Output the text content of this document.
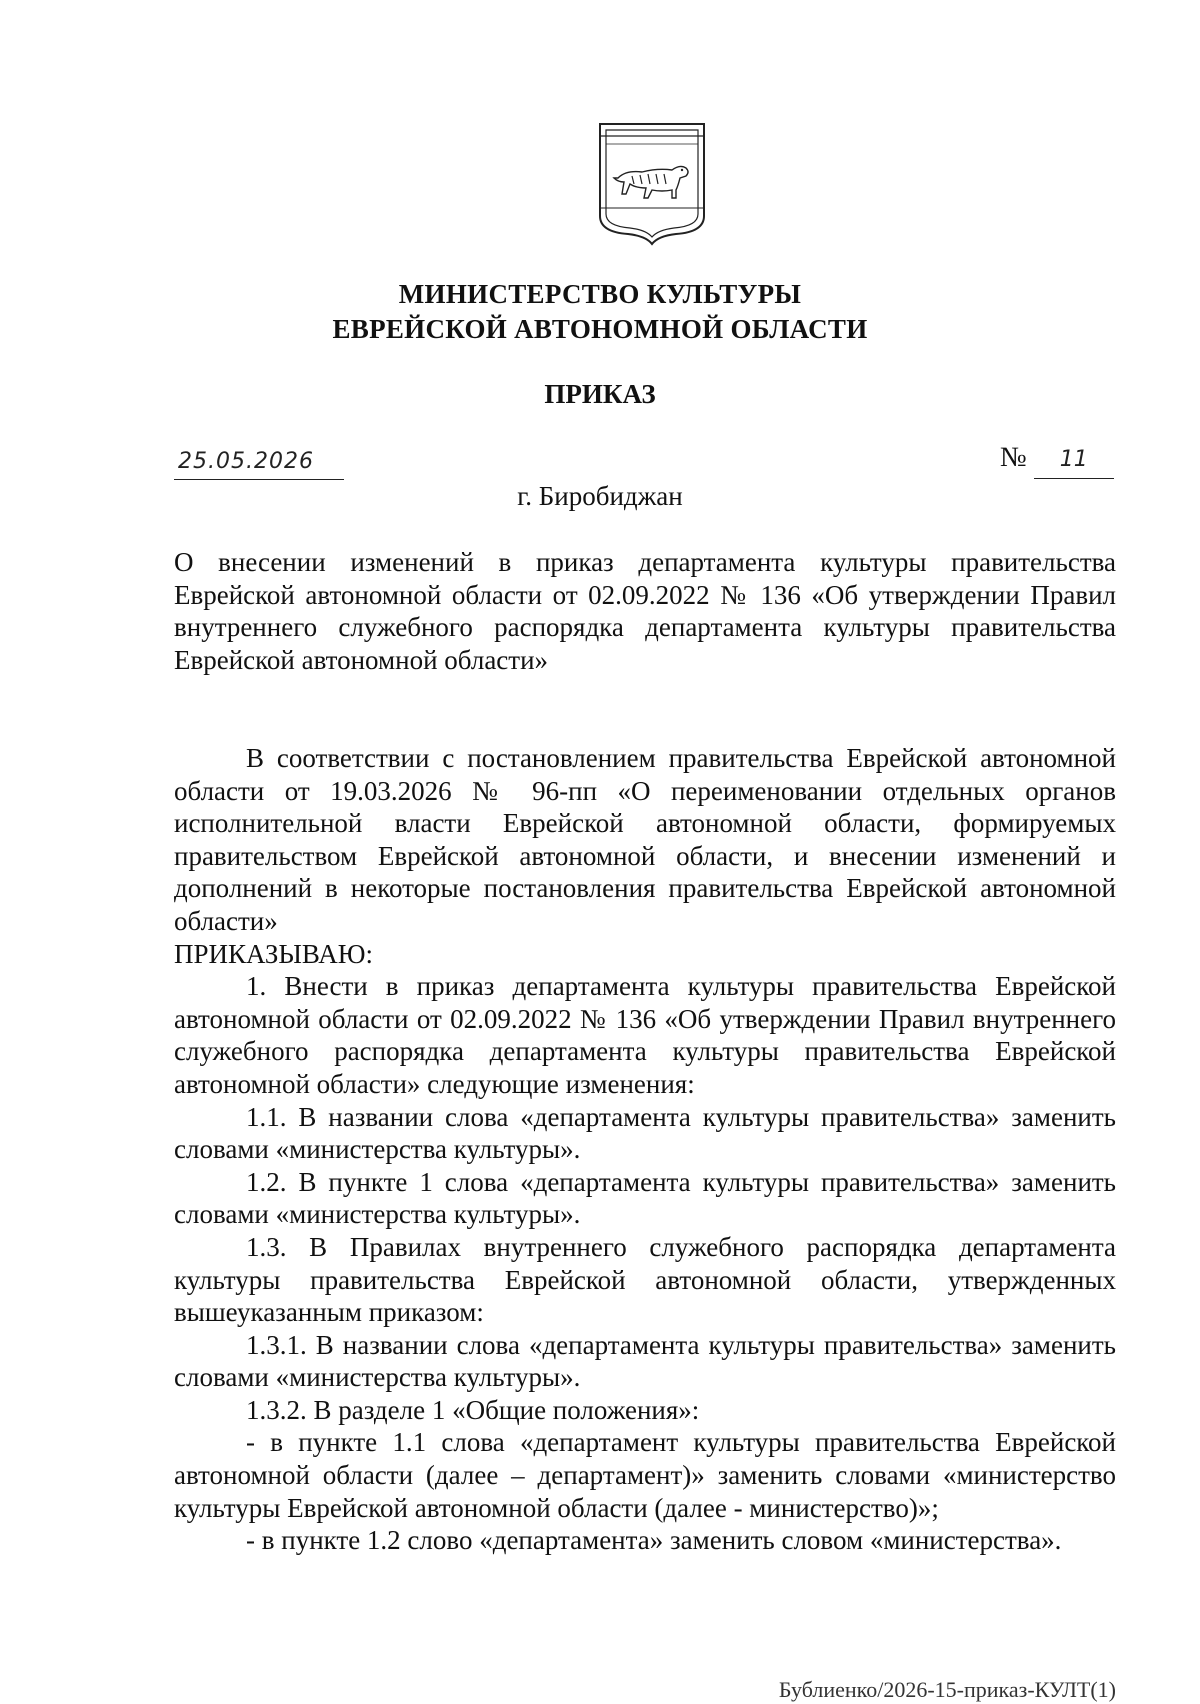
МИНИСТЕРСТВО КУЛЬТУРЫ
ЕВРЕЙСКОЙ АВТОНОМНОЙ ОБЛАСТИ
ПРИКАЗ
25.05.2026	№ 11
г. Биробиджан

О внесении изменений в приказ департамента культуры правительства Еврейской автономной области от 02.09.2022 № 136 «Об утверждении Правил внутреннего служебного распорядка департамента культуры правительства Еврейской автономной области»

В соответствии с постановлением правительства Еврейской автономной области от 19.03.2026 № 96-пп «О переименовании отдельных органов исполнительной власти Еврейской автономной области, формируемых правительством Еврейской автономной области, и внесении изменений и дополнений в некоторые постановления правительства Еврейской автономной области»

ПРИКАЗЫВАЮ:

1. Внести в приказ департамента культуры правительства Еврейской автономной области от 02.09.2022 № 136 «Об утверждении Правил внутреннего служебного распорядка департамента культуры правительства Еврейской автономной области» следующие изменения:

1.1. В названии слова «департамента культуры правительства» заменить словами «министерства культуры».

1.2. В пункте 1 слова «департамента культуры правительства» заменить словами «министерства культуры».

1.3. В Правилах внутреннего служебного распорядка департамента культуры правительства Еврейской автономной области, утвержденных вышеуказанным приказом:

1.3.1. В названии слова «департамента культуры правительства» заменить словами «министерства культуры».

1.3.2. В разделе 1 «Общие положения»:

- в пункте 1.1 слова «департамент культуры правительства Еврейской автономной области (далее – департамент)» заменить словами «министерство культуры Еврейской автономной области (далее - министерство)»;

- в пункте 1.2 слово «департамента» заменить словом «министерства».

Бублиенко/2026-15-приказ-КУЛТ(1)
